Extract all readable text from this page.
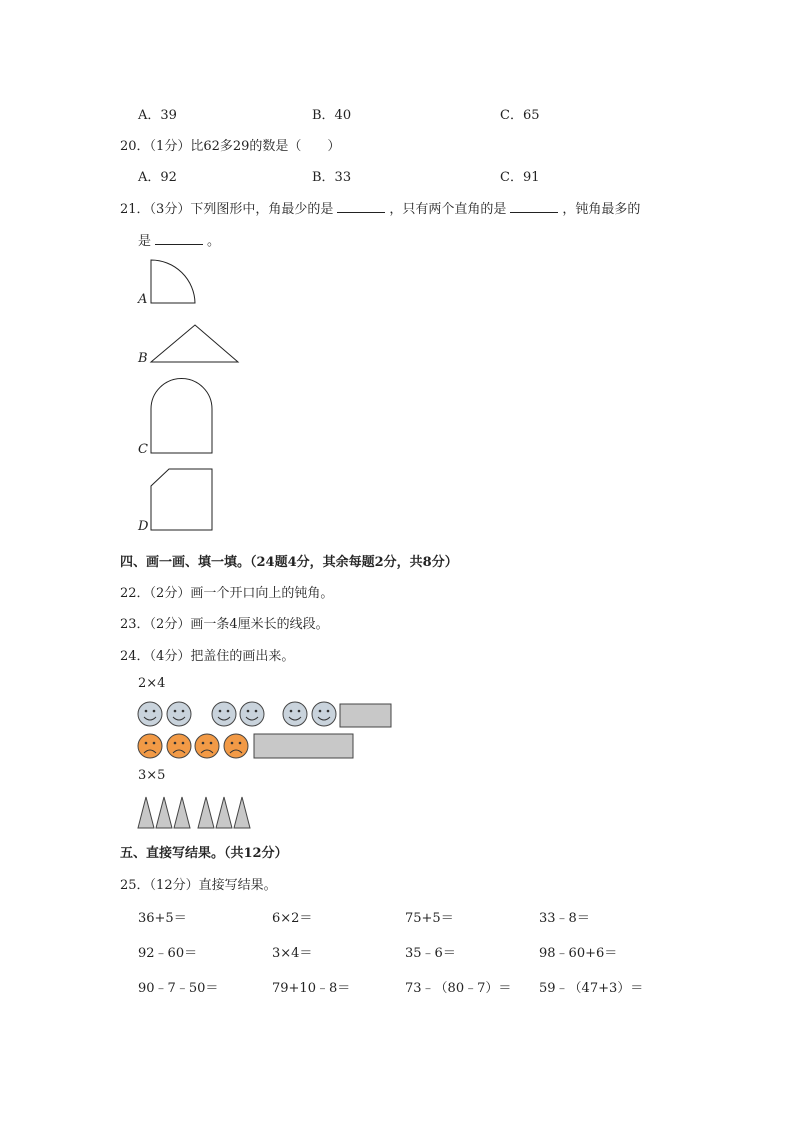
A．39	B．40	C．65
20．（1分）比62多29的数是（　　）
A．92	B．33	C．91
21．（3分）下列图形中，角最少的是	，只有两个直角的是	，钝角最多的
是	。
A
B
C
D
四、画一画、填一填。（24题4分，其余每题2分，共8分）
22．（2分）画一个开口向上的钝角。
23．（2分）画一条4厘米长的线段。
24．（4分）把盖住的画出来。
2×4
3×5
五、直接写结果。（共12分）
25．（12分）直接写结果。
36+5＝	6×2＝	75+5＝	33﹣8＝
92﹣60＝	3×4＝	35﹣6＝	98﹣60+6＝
90﹣7﹣50＝	79+10﹣8＝	73﹣（80﹣7）＝ 59﹣（47+3）＝
